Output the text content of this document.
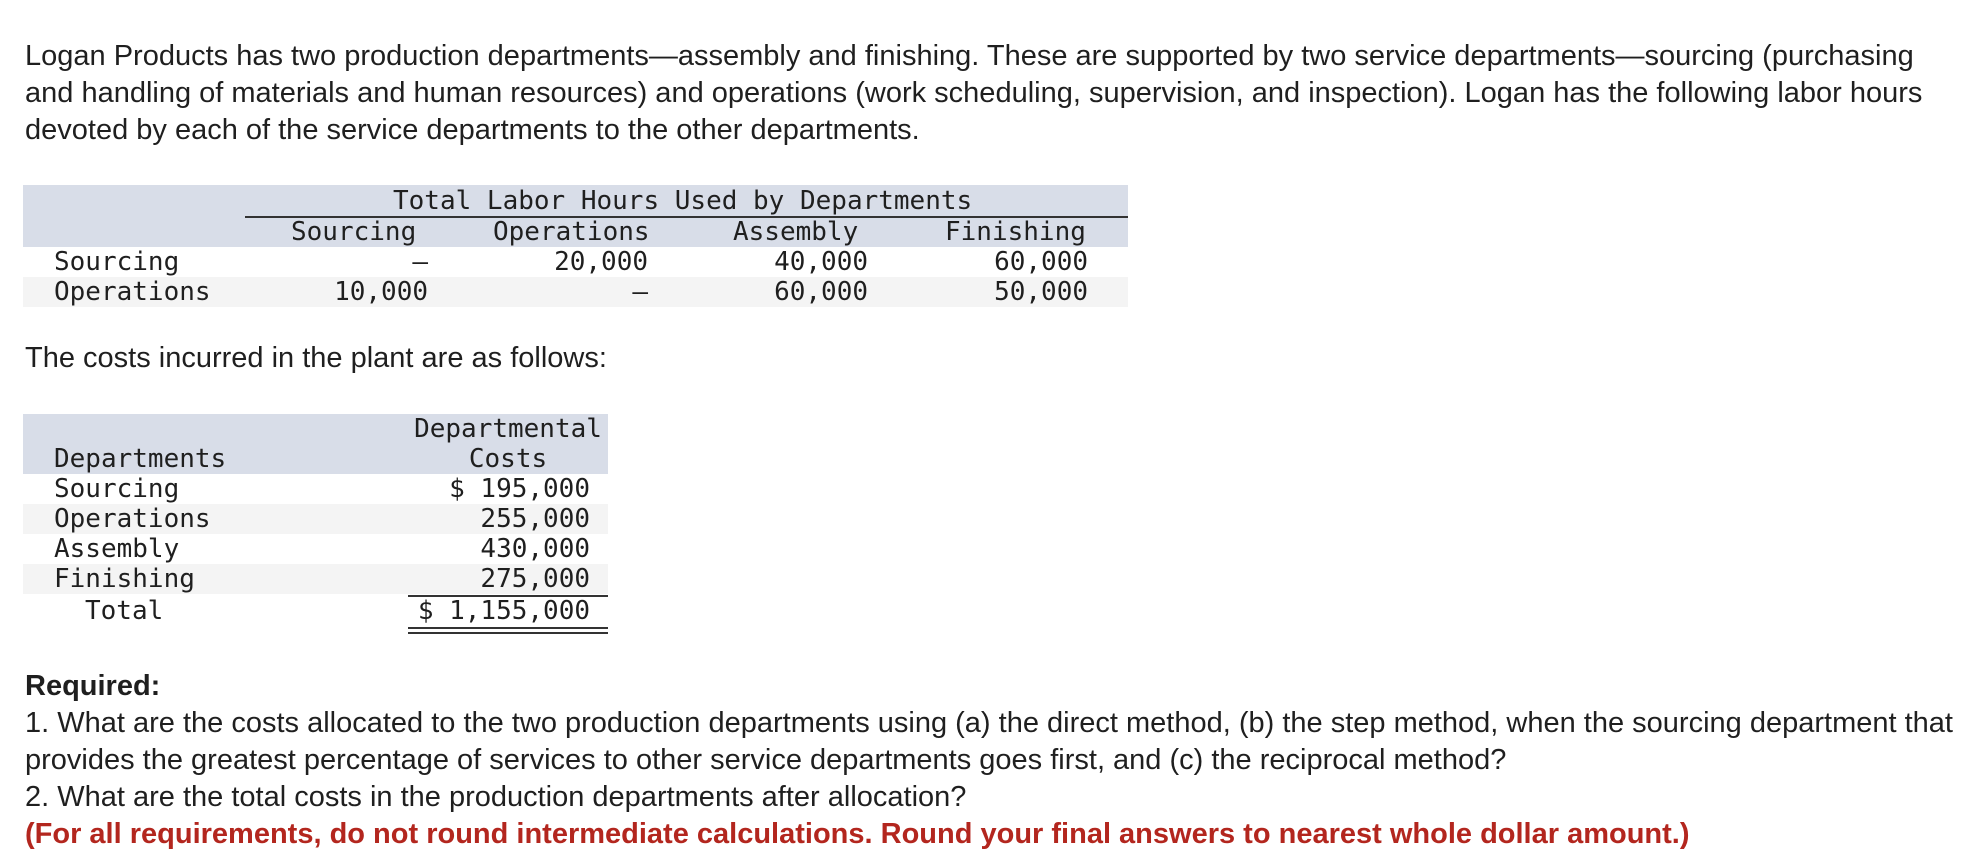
Logan Products has two production departments—assembly and finishing. These are supported by two service departments—sourcing (purchasing and handling of materials and human resources) and operations (work scheduling, supervision, and inspection). Logan has the following labor hours devoted by each of the service departments to the other departments.

Total Labor Hours Used by Departments
Sourcing	Operations	Assembly	Finishing
Sourcing	–	20,000	40,000	60,000
Operations	10,000	–	60,000	50,000

The costs incurred in the plant are as follows:

Departmental
Costs
Departments
Sourcing	$ 195,000
Operations	255,000
Assembly	430,000
Finishing	275,000
Total	$ 1,155,000
Required:
1. What are the costs allocated to the two production departments using (a) the direct method, (b) the step method, when the sourcing department that provides the greatest percentage of services to other service departments goes first, and (c) the reciprocal method?
2. What are the total costs in the production departments after allocation?
(For all requirements, do not round intermediate calculations. Round your final answers to nearest whole dollar amount.)
